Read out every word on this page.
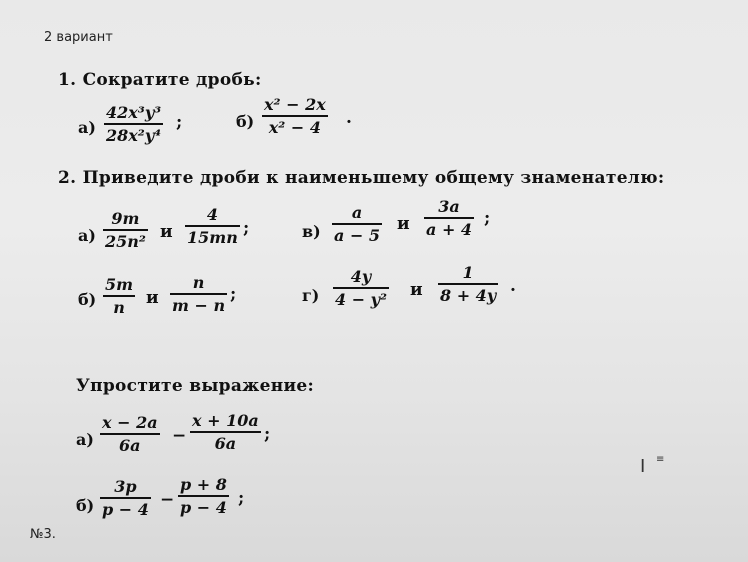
2 вариант
1. Сократите дробь:
а)
42x³y³
28x²y⁴
;	б)
x² − 2x
x² − 4 .
2. Приведите дроби к наименьшему общему знаменателю:
а)
9m
25n² и
4
15mn ;	в)
a
a − 5
и
3a
a + 4
;
б)
5m
n и
n
m − n
;	г)
4y
4 − y² и
1
8 + 4y .
Упростите выражение:
а)
x − 2a
6a −
x + 10a
6a ;
б)
3p
p − 4 −
p + 8
p − 4 ;
I ≡
№3.
